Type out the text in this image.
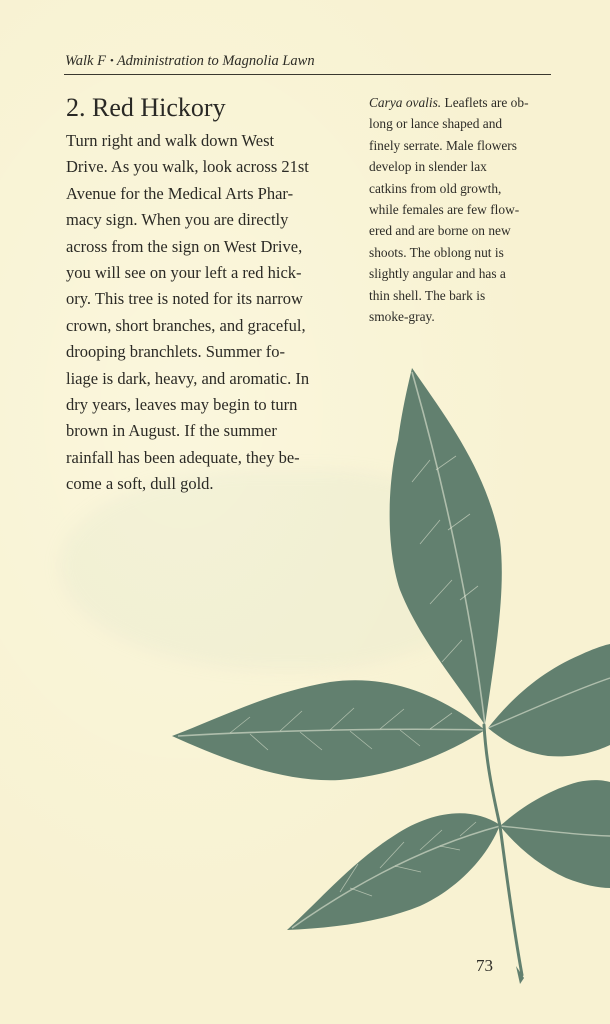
Walk F • Administration to Magnolia Lawn
2. Red Hickory
Turn right and walk down West
Drive. As you walk, look across 21st
Avenue for the Medical Arts Phar-
macy sign. When you are directly
across from the sign on West Drive,
you will see on your left a red hick-
ory. This tree is noted for its narrow
crown, short branches, and graceful,
drooping branchlets. Summer fo-
liage is dark, heavy, and aromatic. In
dry years, leaves may begin to turn
brown in August. If the summer
rainfall has been adequate, they be-
come a soft, dull gold.
Carya ovalis. Leaflets are ob-
long or lance shaped and
finely serrate. Male flowers
develop in slender lax
catkins from old growth,
while females are few flow-
ered and are borne on new
shoots. The oblong nut is
slightly angular and has a
thin shell. The bark is
smoke-gray.
73
